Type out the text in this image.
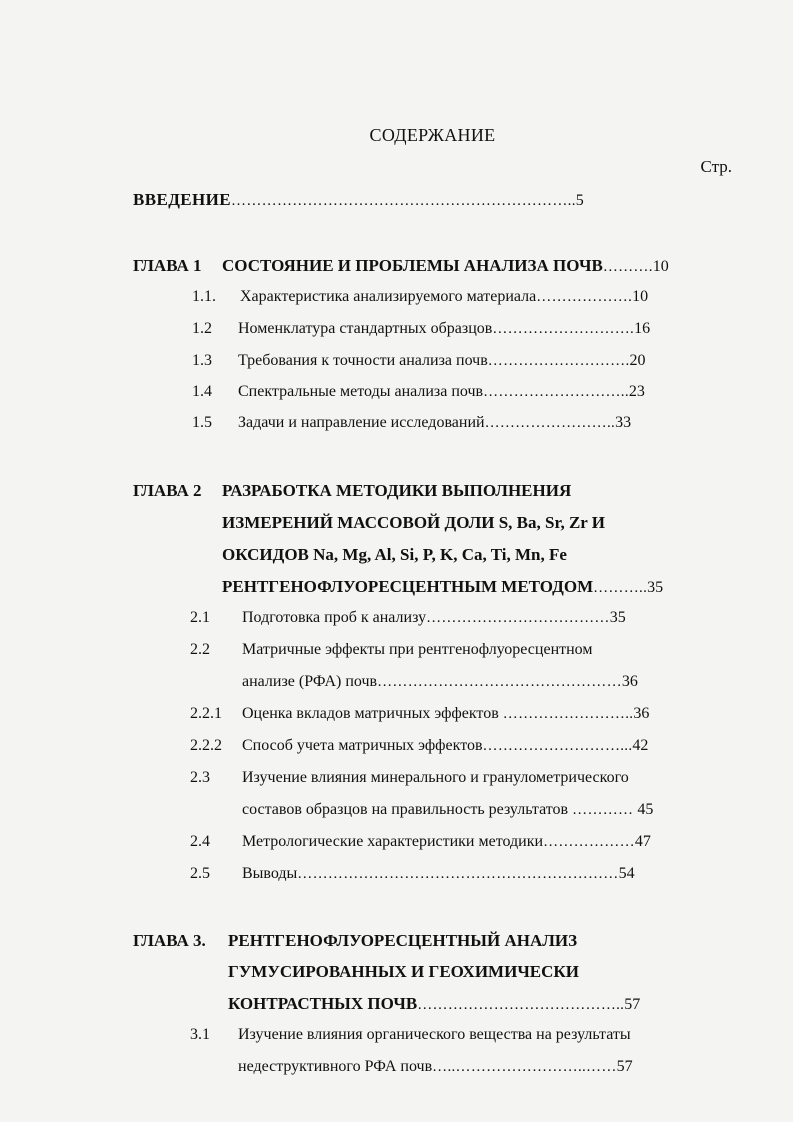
СОДЕРЖАНИЕ
Стр.
ВВЕДЕНИЕ…………………………………………………………..5
ГЛАВА 1 СОСТОЯНИЕ И ПРОБЛЕМЫ АНАЛИЗА ПОЧВ……….10
1.1. Характеристика анализируемого материала……………….10
1.2 Номенклатура стандартных образцов……………………….16
1.3 Требования к точности анализа почв……………………….20
1.4 Спектральные методы анализа почв………………………..23
1.5 Задачи и направление исследований……………………..33
ГЛАВА 2 РАЗРАБОТКА МЕТОДИКИ ВЫПОЛНЕНИЯ
ИЗМЕРЕНИЙ МАССОВОЙ ДОЛИ S, Ba, Sr, Zr И
ОКСИДОВ Na, Mg, Al, Si, P, K, Ca, Ti, Mn, Fe
РЕНТГЕНОФЛУОРЕСЦЕНТНЫМ МЕТОДОМ………..35
2.1 Подготовка проб к анализу………………………………35
2.2 Матричные эффекты при рентгенофлуоресцентном
анализе (РФА) почв…………………………………………36
2.2.1 Оценка вкладов матричных эффектов ……………………..36
2.2.2 Способ учета матричных эффектов………………………...42
2.3 Изучение влияния минерального и гранулометрического
составов образцов на правильность результатов ………… 45
2.4 Метрологические характеристики методики………………47
2.5 Выводы………………………………………………………54
ГЛАВА 3. РЕНТГЕНОФЛУОРЕСЦЕНТНЫЙ АНАЛИЗ
ГУМУСИРОВАННЫХ И ГЕОХИМИЧЕСКИ
КОНТРАСТНЫХ ПОЧВ…………………………………..57
3.1 Изучение влияния органического вещества на результаты
недеструктивного РФА почв…..……………………..……57
